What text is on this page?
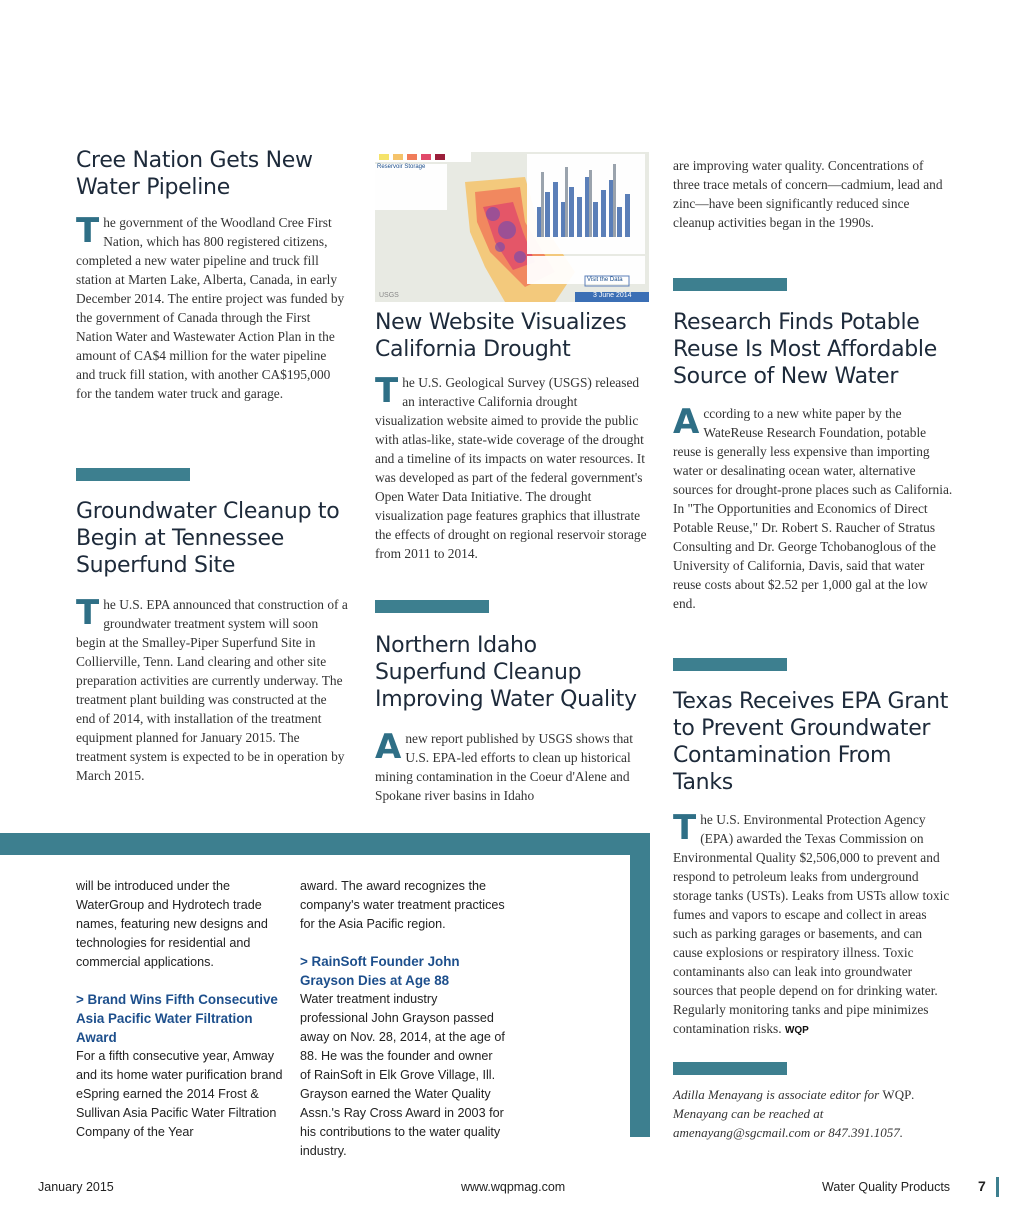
Cree Nation Gets New Water Pipeline

The government of the Woodland Cree First Nation, which has 800 registered citizens, completed a new water pipeline and truck fill station at Marten Lake, Alberta, Canada, in early December 2014. The entire project was funded by the government of Canada through the First Nation Water and Wastewater Action Plan in the amount of CA$4 million for the water pipeline and truck fill station, with another CA$195,000 for the tandem water truck and garage.

Groundwater Cleanup to Begin at Tennessee Superfund Site

The U.S. EPA announced that construction of a groundwater treatment system will soon begin at the Smalley-Piper Superfund Site in Collierville, Tenn. Land clearing and other site preparation activities are currently underway. The treatment plant building was constructed at the end of 2014, with installation of the treatment equipment planned for January 2015. The treatment system is expected to be in operation by March 2015.

Reservoir Storage
USGS	3 June 2014
Visit the Data
New Website Visualizes California Drought

The U.S. Geological Survey (USGS) released an interactive California drought visualization website aimed to provide the public with atlas-like, state-wide coverage of the drought and a timeline of its impacts on water resources. It was developed as part of the federal government's Open Water Data Initiative. The drought visualization page features graphics that illustrate the effects of drought on regional reservoir storage from 2011 to 2014.

Northern Idaho Superfund Cleanup Improving Water Quality

A new report published by USGS shows that U.S. EPA-led efforts to clean up historical mining contamination in the Coeur d'Alene and Spokane river basins in Idaho

are improving water quality. Concentrations of three trace metals of concern—cadmium, lead and zinc—have been significantly reduced since cleanup activities began in the 1990s.

Research Finds Potable Reuse Is Most Affordable Source of New Water

According to a new white paper by the WateReuse Research Foundation, potable reuse is generally less expensive than importing water or desalinating ocean water, alternative sources for drought-prone places such as California. In "The Opportunities and Economics of Direct Potable Reuse," Dr. Robert S. Raucher of Stratus Consulting and Dr. George Tchobanoglous of the University of California, Davis, said that water reuse costs about $2.52 per 1,000 gal at the low end.

Texas Receives EPA Grant to Prevent Groundwater Contamination From Tanks

The U.S. Environmental Protection Agency (EPA) awarded the Texas Commission on Environmental Quality $2,506,000 to prevent and respond to petroleum leaks from underground storage tanks (USTs). Leaks from USTs allow toxic fumes and vapors to escape and collect in areas such as parking garages or basements, and can cause explosions or respiratory illness. Toxic contaminants also can leak into groundwater sources that people depend on for drinking water. Regularly monitoring tanks and pipe minimizes contamination risks. WQP

Adilla Menayang is associate editor for WQP. Menayang can be reached at amenayang@sgcmail.com or 847.391.1057.

will be introduced under the WaterGroup and Hydrotech trade names, featuring new designs and technologies for residential and commercial applications.
> Brand Wins Fifth Consecutive Asia Pacific Water Filtration Award
For a fifth consecutive year, Amway and its home water purification brand eSpring earned the 2014 Frost & Sullivan Asia Pacific Water Filtration Company of the Year
award. The award recognizes the company's water treatment practices for the Asia Pacific region.
> RainSoft Founder John Grayson Dies at Age 88
Water treatment industry professional John Grayson passed away on Nov. 28, 2014, at the age of 88. He was the founder and owner of RainSoft in Elk Grove Village, Ill. Grayson earned the Water Quality Assn.'s Ray Cross Award in 2003 for his contributions to the water quality industry.
January 2015	www.wqpmag.com	Water Quality Products 7
